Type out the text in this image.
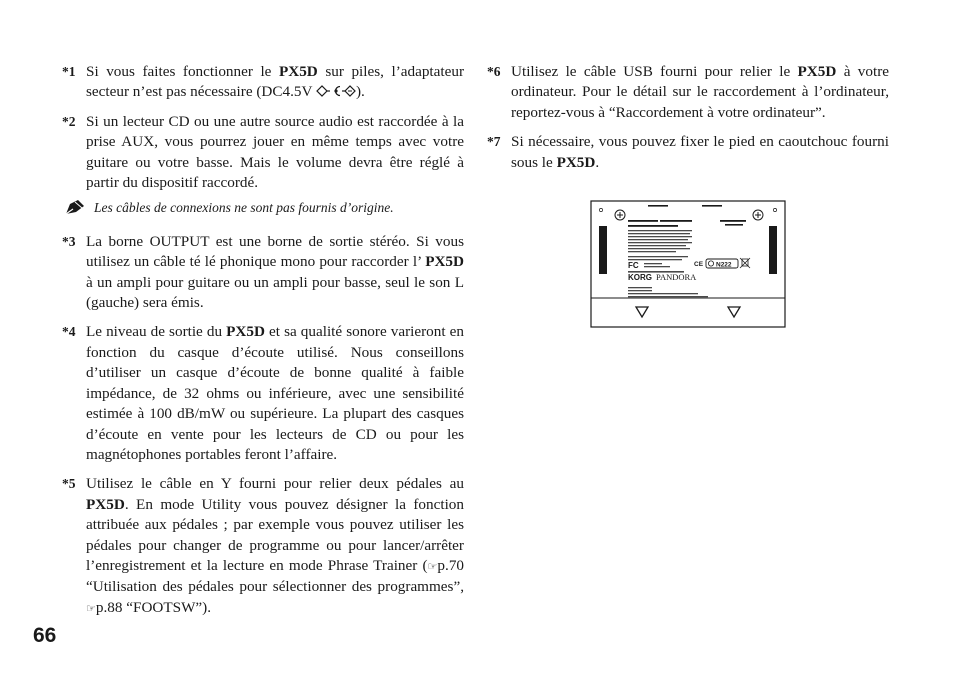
*1 Si vous faites fonctionner le PX5D sur piles, l’adaptateur secteur n’est pas nécessaire (DC4.5V	).
*2 Si un lecteur CD ou une autre source audio est raccordée à la prise AUX, vous pourrez jouer en même temps avec votre guitare ou votre basse. Mais le volume devra être réglé à partir du dispositif raccordé.
Les câbles de connexions ne sont pas fournis d’origine.
*3 La borne OUTPUT est une borne de sortie stéréo. Si vous utilisez un câble té lé phonique mono pour raccorder l’ PX5D à un ampli pour guitare ou un ampli pour basse, seul le son L (gauche) sera émis.
*4 Le niveau de sortie du PX5D et sa qualité sonore varieront en fonction du casque d’écoute utilisé. Nous conseillons d’utiliser un casque d’écoute de bonne qualité à faible impédance, de 32 ohms ou inférieure, avec une sensibilité estimée à 100 dB/mW ou supérieure. La plupart des casques d’écoute en vente pour les lecteurs de CD ou pour les magnétophones portables feront l’affaire.
*5 Utilisez le câble en Y fourni pour relier deux pédales au PX5D. En mode Utility vous pouvez désigner la fonction attribuée aux pédales ; par exemple vous pouvez utiliser les pédales pour changer de programme ou pour lancer/arrêter l’enregistrement et la lecture en mode Phrase Trainer (☞p.70 “Utilisation des pédales pour sélectionner des programmes”, ☞p.88 “FOOTSW”).
*6 Utilisez le câble USB fourni pour relier le PX5D à votre ordinateur. Pour le détail sur le raccordement à l’ordinateur, reportez-vous à “Raccordement à votre ordinateur”.
*7 Si nécessaire, vous pouvez fixer le pied en caoutchouc fourni sous le PX5D.
FC	N222
CE
KORG PANDORA
66
